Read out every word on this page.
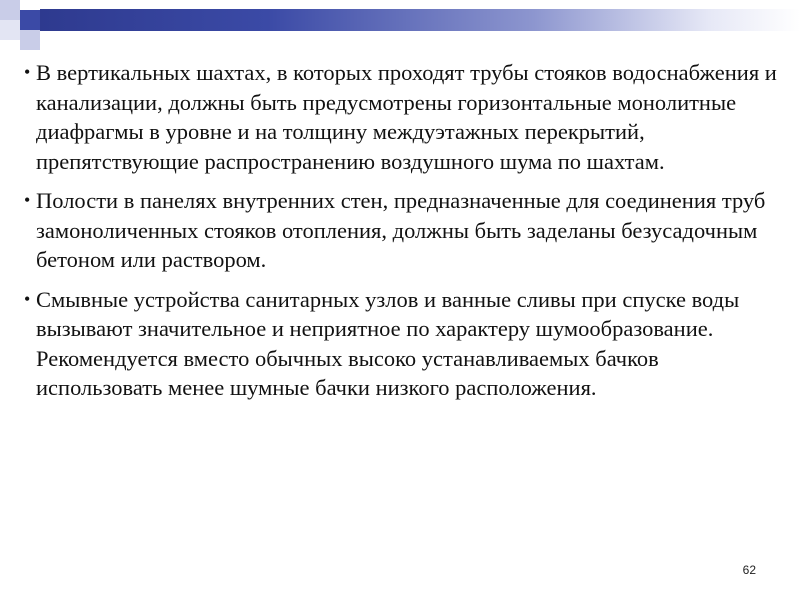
• В вертикальных шахтах, в которых проходят трубы стояков водоснабжения и канализации, должны быть предусмотрены горизонтальные монолитные диафрагмы в уровне и на толщину междуэтажных перекрытий, препятствующие распространению воздушного шума по шахтам.
• Полости в панелях внутренних стен, предназначенные для соединения труб замоноличенных стояков отопления, должны быть заделаны безусадочным бетоном или раствором.
• Смывные устройства санитарных узлов и ванные сливы при спуске воды вызывают значительное и неприятное по характеру шумообразование. Рекомендуется вместо обычных высоко устанавливаемых бачков использовать менее шумные бачки низкого расположения.
62
